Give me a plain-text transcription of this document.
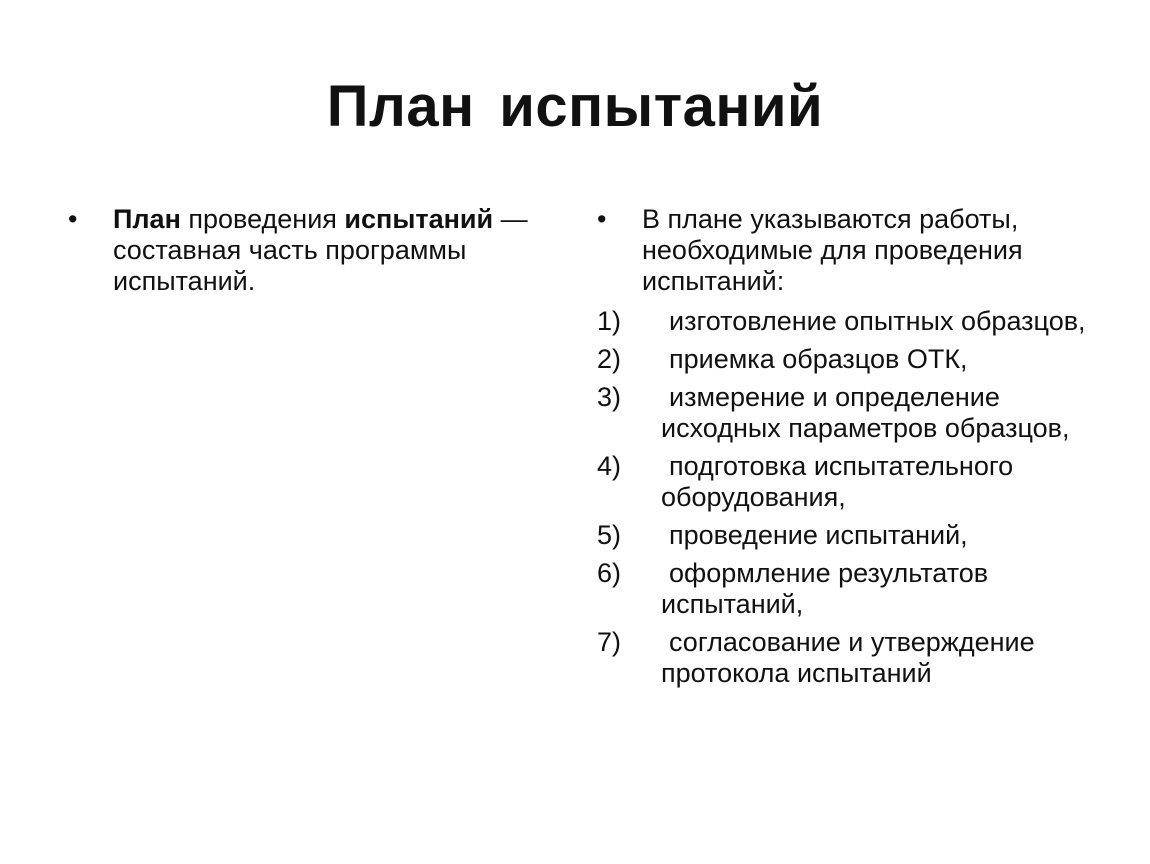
План испытаний
•	План проведения испытаний — составная часть программы испытаний.
•	В плане указываются работы, необходимые для проведения испытаний:
1)	изготовление опытных образцов,
2)	приемка образцов ОТК,
3)	измерение и определение исходных параметров образцов,
4)	подготовка испытательного оборудования,
5)	проведение испытаний,
6)	оформление результатов испытаний,
7)	согласование и утверждение протокола испытаний
